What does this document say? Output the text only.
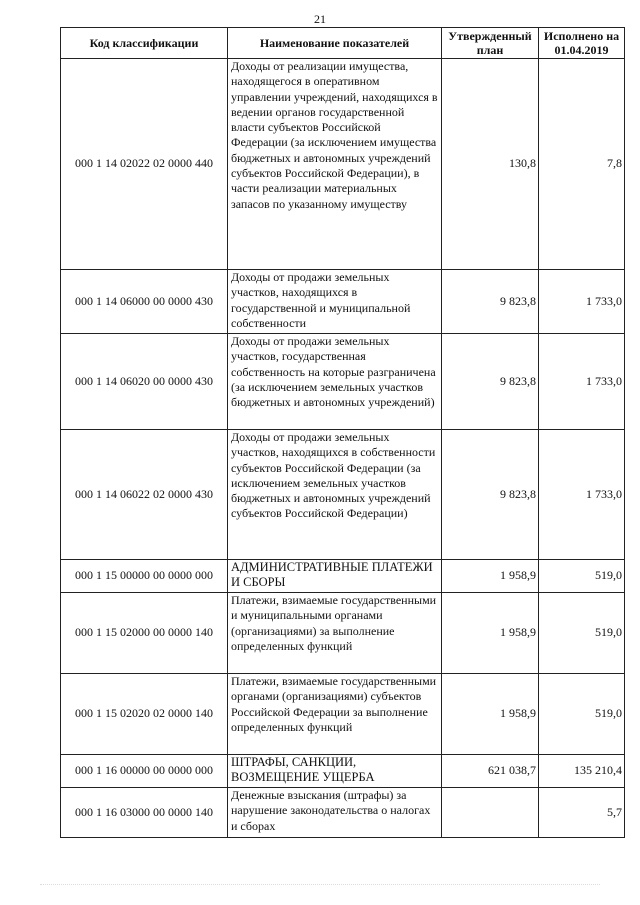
21
Код классификации	Наименование показателей	Утвержденный план	Исполнено на 01.04.2019
000 1 14 02022 02 0000 440	Доходы от реализации имущества, находящегося в оперативном управлении учреждений, находящихся в ведении органов государственной власти субъектов Российской Федерации (за исключением имущества бюджетных и автономных учреждений субъектов Российской Федерации), в части реализации материальных запасов по указанному имуществу	130,8	7,8
000 1 14 06000 00 0000 430	Доходы от продажи земельных участков, находящихся в государственной и муниципальной собственности	9 823,8	1 733,0
000 1 14 06020 00 0000 430	Доходы от продажи земельных участков, государственная собственность на которые разграничена (за исключением земельных участков бюджетных и автономных учреждений)	9 823,8	1 733,0
000 1 14 06022 02 0000 430	Доходы от продажи земельных участков, находящихся в собственности субъектов Российской Федерации (за исключением земельных участков бюджетных и автономных учреждений субъектов Российской Федерации)	9 823,8	1 733,0
000 1 15 00000 00 0000 000	АДМИНИСТРАТИВНЫЕ ПЛАТЕЖИ И СБОРЫ	1 958,9	519,0
000 1 15 02000 00 0000 140	Платежи, взимаемые государственными и муниципальными органами (организациями) за выполнение определенных функций	1 958,9	519,0
000 1 15 02020 02 0000 140	Платежи, взимаемые государственными органами (организациями) субъектов Российской Федерации за выполнение определенных функций	1 958,9	519,0
000 1 16 00000 00 0000 000	ШТРАФЫ, САНКЦИИ, ВОЗМЕЩЕНИЕ УЩЕРБА	621 038,7	135 210,4
000 1 16 03000 00 0000 140	Денежные взыскания (штрафы) за нарушение законодательства о налогах и сборах		5,7
